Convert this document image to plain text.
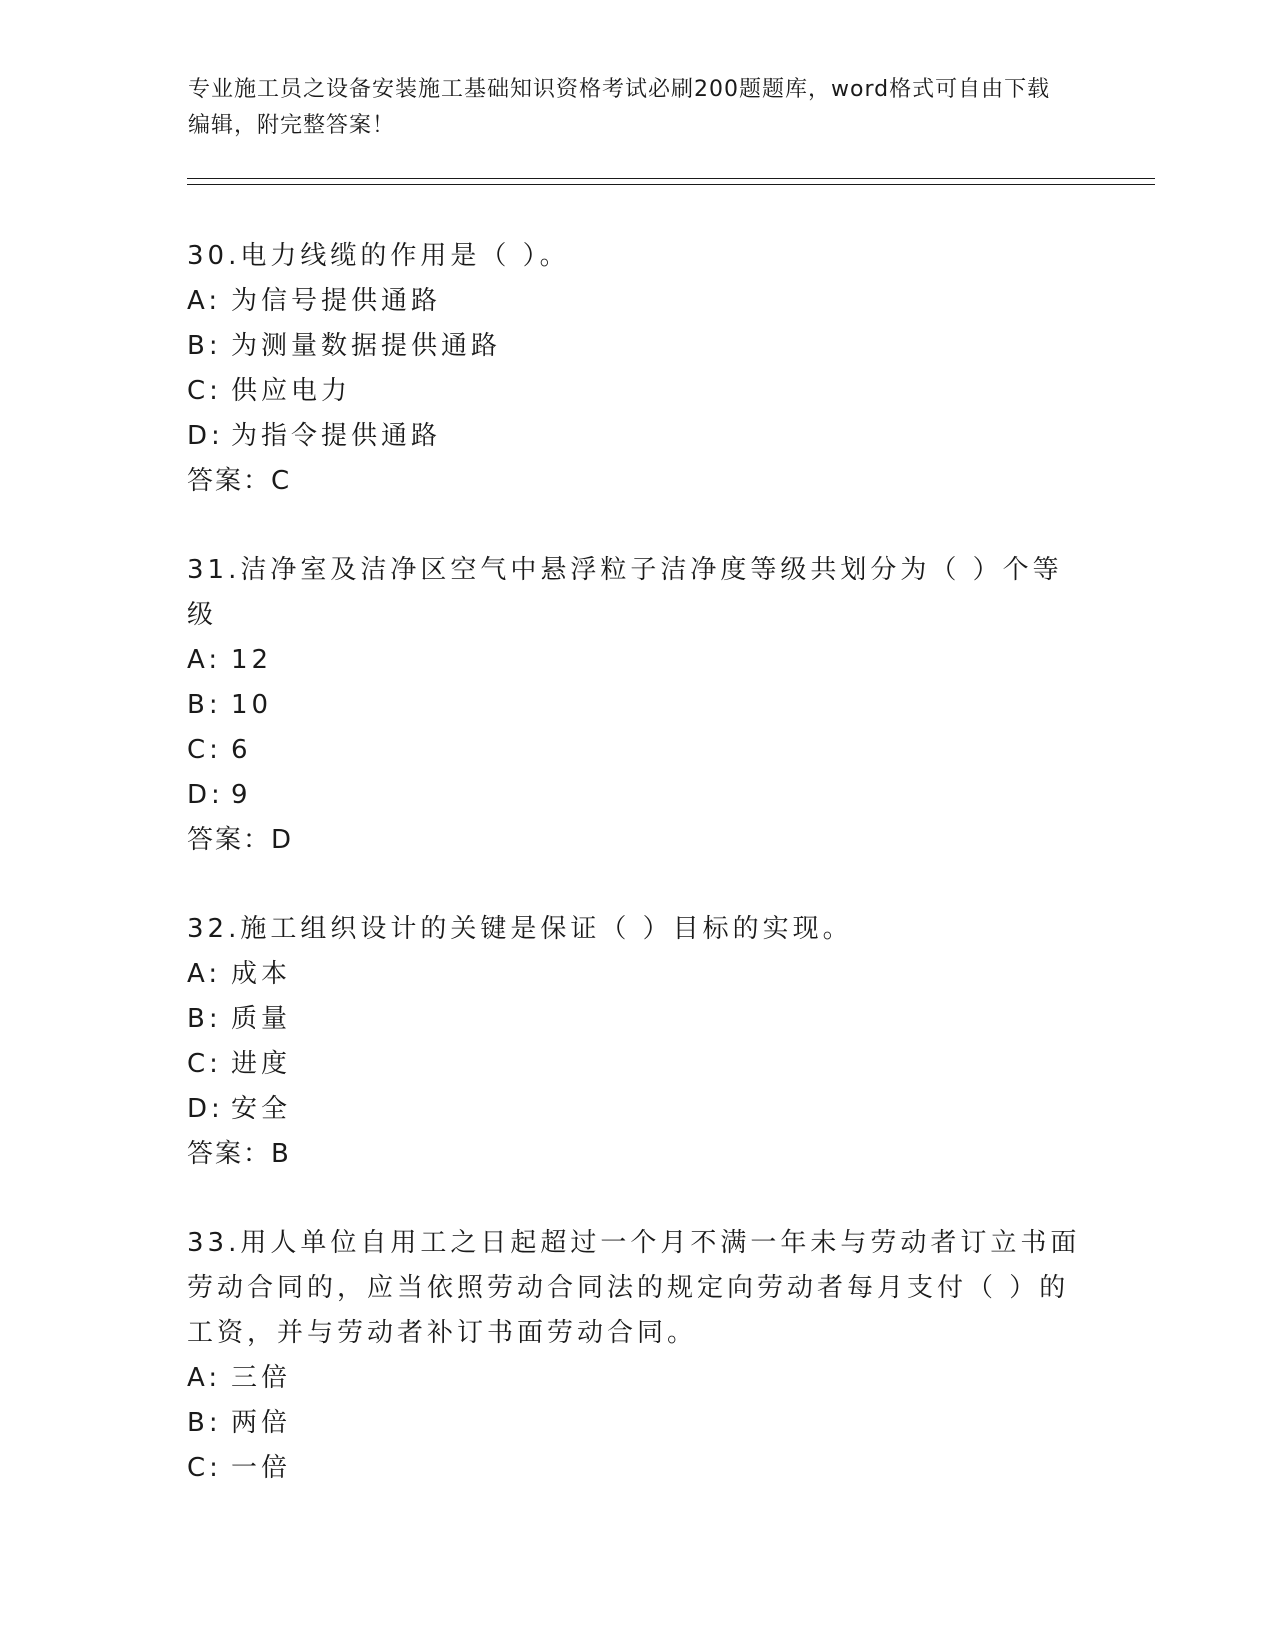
专业施工员之设备安装施工基础知识资格考试必刷200题题库，word格式可自由下载编辑，附完整答案！
30.电力线缆的作用是（ ）。
A: 为信号提供通路
B: 为测量数据提供通路
C: 供应电力
D: 为指令提供通路
答案：C
31.洁净室及洁净区空气中悬浮粒子洁净度等级共划分为（ ）个等级
A: 12
B: 10
C: 6
D: 9
答案：D
32.施工组织设计的关键是保证（ ）目标的实现。
A: 成本
B: 质量
C: 进度
D: 安全
答案：B
33.用人单位自用工之日起超过一个月不满一年未与劳动者订立书面劳动合同的，应当依照劳动合同法的规定向劳动者每月支付（ ）的工资，并与劳动者补订书面劳动合同。
A: 三倍
B: 两倍
C: 一倍
